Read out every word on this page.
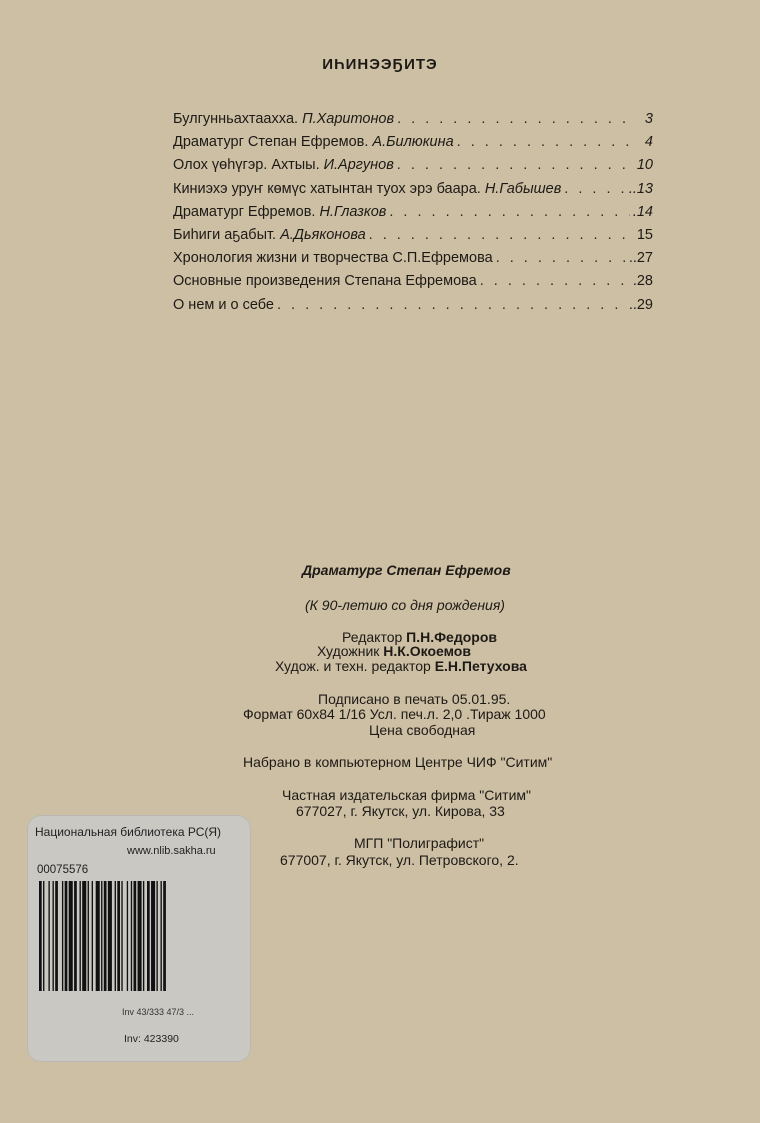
ИҺИНЭЭҔИТЭ
Булгунньахтааххa. П.Харитонов . . .	3
Драматург Степан Ефремов. А.Билюкина . . .	4
Олох үөһүгэр. Ахтыы. И.Аргунов . . .	10
Киниэхэ уруҥ көмүс хатынтан туох эрэ баара. Н.Габышев . . .	..13
Драматург Ефремов. Н.Глазков . . .	.14
Биһиги аҕабыт. А.Дьяконова . . .	15
Хронология жизни и творчества С.П.Ефремова . . .	..27
Основные произведения Степана Ефремова . . .	.28
О нем и о себе . . .	..29
Драматург Степан Ефремов
(К 90-летию со дня рождения)
Редактор П.Н.Федоров
Художник Н.К.Окоемов
Худож. и техн. редактор Е.Н.Петухова
Подписано в печать 05.01.95.
Формат 60х84 1/16 Усл. печ.л. 2,0 .Тираж 1000
Цена свободная
Набрано в компьютерном Центре ЧИФ "Ситим"
Частная издательская фирма "Ситим"
677027, г. Якутск, ул. Кирова, 33
МГП "Полиграфист"
677007, г. Якутск, ул. Петровского, 2.
Национальная библиотека РС(Я)
www.nlib.sakha.ru
00075576
Inv 43/333 47/3 ...
Inv: 423390
